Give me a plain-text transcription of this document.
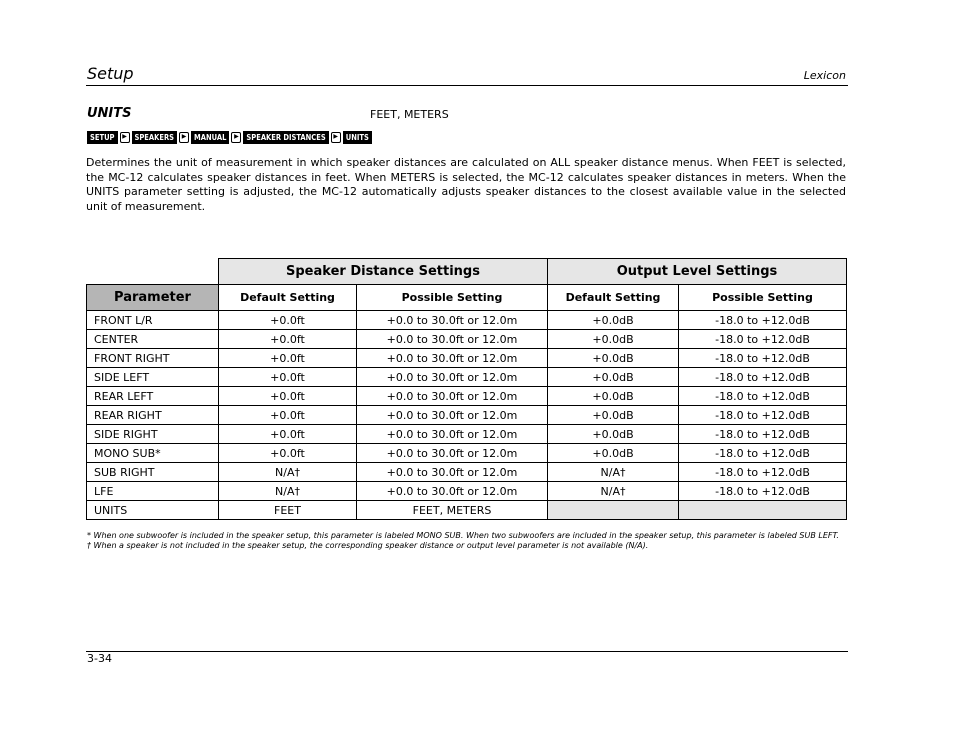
Setup	Lexicon
UNITS	FEET, METERS
SETUP	▶	SPEAKERS	▶	MANUAL	▶	SPEAKER DISTANCES	▶	UNITS
Determines the unit of measurement in which speaker distances are calculated on ALL speaker distance menus. When FEET is selected, the MC-12 calculates speaker distances in feet. When METERS is selected, the MC-12 calculates speaker distances in meters. When the UNITS parameter setting is adjusted, the MC-12 automatically adjusts speaker distances to the closest available value in the selected unit of measurement.
	Speaker Distance Settings		Output Level Settings	
Parameter	Default Setting	Possible Setting	Default Setting	Possible Setting
FRONT L/R	+0.0ft	+0.0 to 30.0ft or 12.0m	+0.0dB	-18.0 to +12.0dB
CENTER	+0.0ft	+0.0 to 30.0ft or 12.0m	+0.0dB	-18.0 to +12.0dB
FRONT RIGHT	+0.0ft	+0.0 to 30.0ft or 12.0m	+0.0dB	-18.0 to +12.0dB
SIDE LEFT	+0.0ft	+0.0 to 30.0ft or 12.0m	+0.0dB	-18.0 to +12.0dB
REAR LEFT	+0.0ft	+0.0 to 30.0ft or 12.0m	+0.0dB	-18.0 to +12.0dB
REAR RIGHT	+0.0ft	+0.0 to 30.0ft or 12.0m	+0.0dB	-18.0 to +12.0dB
SIDE RIGHT	+0.0ft	+0.0 to 30.0ft or 12.0m	+0.0dB	-18.0 to +12.0dB
MONO SUB*	+0.0ft	+0.0 to 30.0ft or 12.0m	+0.0dB	-18.0 to +12.0dB
SUB RIGHT	N/A†	+0.0 to 30.0ft or 12.0m	N/A†	-18.0 to +12.0dB
LFE	N/A†	+0.0 to 30.0ft or 12.0m	N/A†	-18.0 to +12.0dB
UNITS	FEET	FEET, METERS		
* When one subwoofer is included in the speaker setup, this parameter is labeled MONO SUB. When two subwoofers are included in the speaker setup, this parameter is labeled SUB LEFT.
† When a speaker is not included in the speaker setup, the corresponding speaker distance or output level parameter is not available (N/A).
3-34
